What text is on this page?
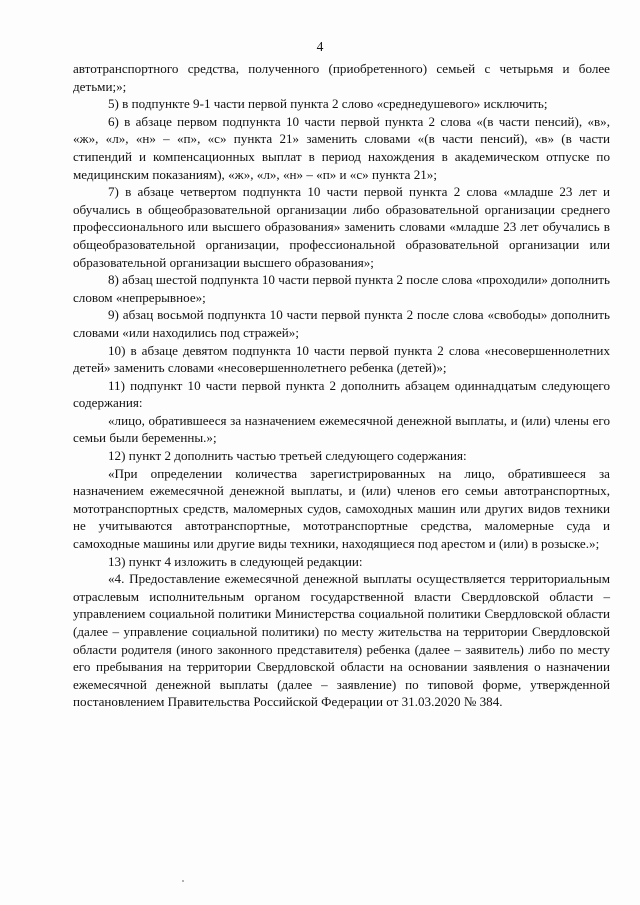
4

автотранспортного средства, полученного (приобретенного) семьей с четырьмя и более детьми;»;

5) в подпункте 9-1 части первой пункта 2 слово «среднедушевого» исключить;

6) в абзаце первом подпункта 10 части первой пункта 2 слова «(в части пенсий), «в», «ж», «л», «н» – «п», «с» пункта 21» заменить словами «(в части пенсий), «в» (в части стипендий и компенсационных выплат в период нахождения в академическом отпуске по медицинским показаниям), «ж», «л», «н» – «п» и «с» пункта 21»;

7) в абзаце четвертом подпункта 10 части первой пункта 2 слова «младше 23 лет и обучались в общеобразовательной организации либо образовательной организации среднего профессионального или высшего образования» заменить словами «младше 23 лет обучались в общеобразовательной организации, профессиональной образовательной организации или образовательной организации высшего образования»;

8) абзац шестой подпункта 10 части первой пункта 2 после слова «проходили» дополнить словом «непрерывное»;

9) абзац восьмой подпункта 10 части первой пункта 2 после слова «свободы» дополнить словами «или находились под стражей»;

10) в абзаце девятом подпункта 10 части первой пункта 2 слова «несовершеннолетних детей» заменить словами «несовершеннолетнего ребенка (детей)»;

11) подпункт 10 части первой пункта 2 дополнить абзацем одиннадцатым следующего содержания:

«лицо, обратившееся за назначением ежемесячной денежной выплаты, и (или) члены его семьи были беременны.»;

12) пункт 2 дополнить частью третьей следующего содержания:

«При определении количества зарегистрированных на лицо, обратившееся за назначением ежемесячной денежной выплаты, и (или) членов его семьи автотранспортных, мототранспортных средств, маломерных судов, самоходных машин или других видов техники не учитываются автотранспортные, мототранспортные средства, маломерные суда и самоходные машины или другие виды техники, находящиеся под арестом и (или) в розыске.»;

13) пункт 4 изложить в следующей редакции:

«4. Предоставление ежемесячной денежной выплаты осуществляется территориальным отраслевым исполнительным органом государственной власти Свердловской области – управлением социальной политики Министерства социальной политики Свердловской области (далее – управление социальной политики) по месту жительства на территории Свердловской области родителя (иного законного представителя) ребенка (далее – заявитель) либо по месту его пребывания на территории Свердловской области на основании заявления о назначении ежемесячной денежной выплаты (далее – заявление) по типовой форме, утвержденной постановлением Правительства Российской Федерации от 31.03.2020 № 384.
